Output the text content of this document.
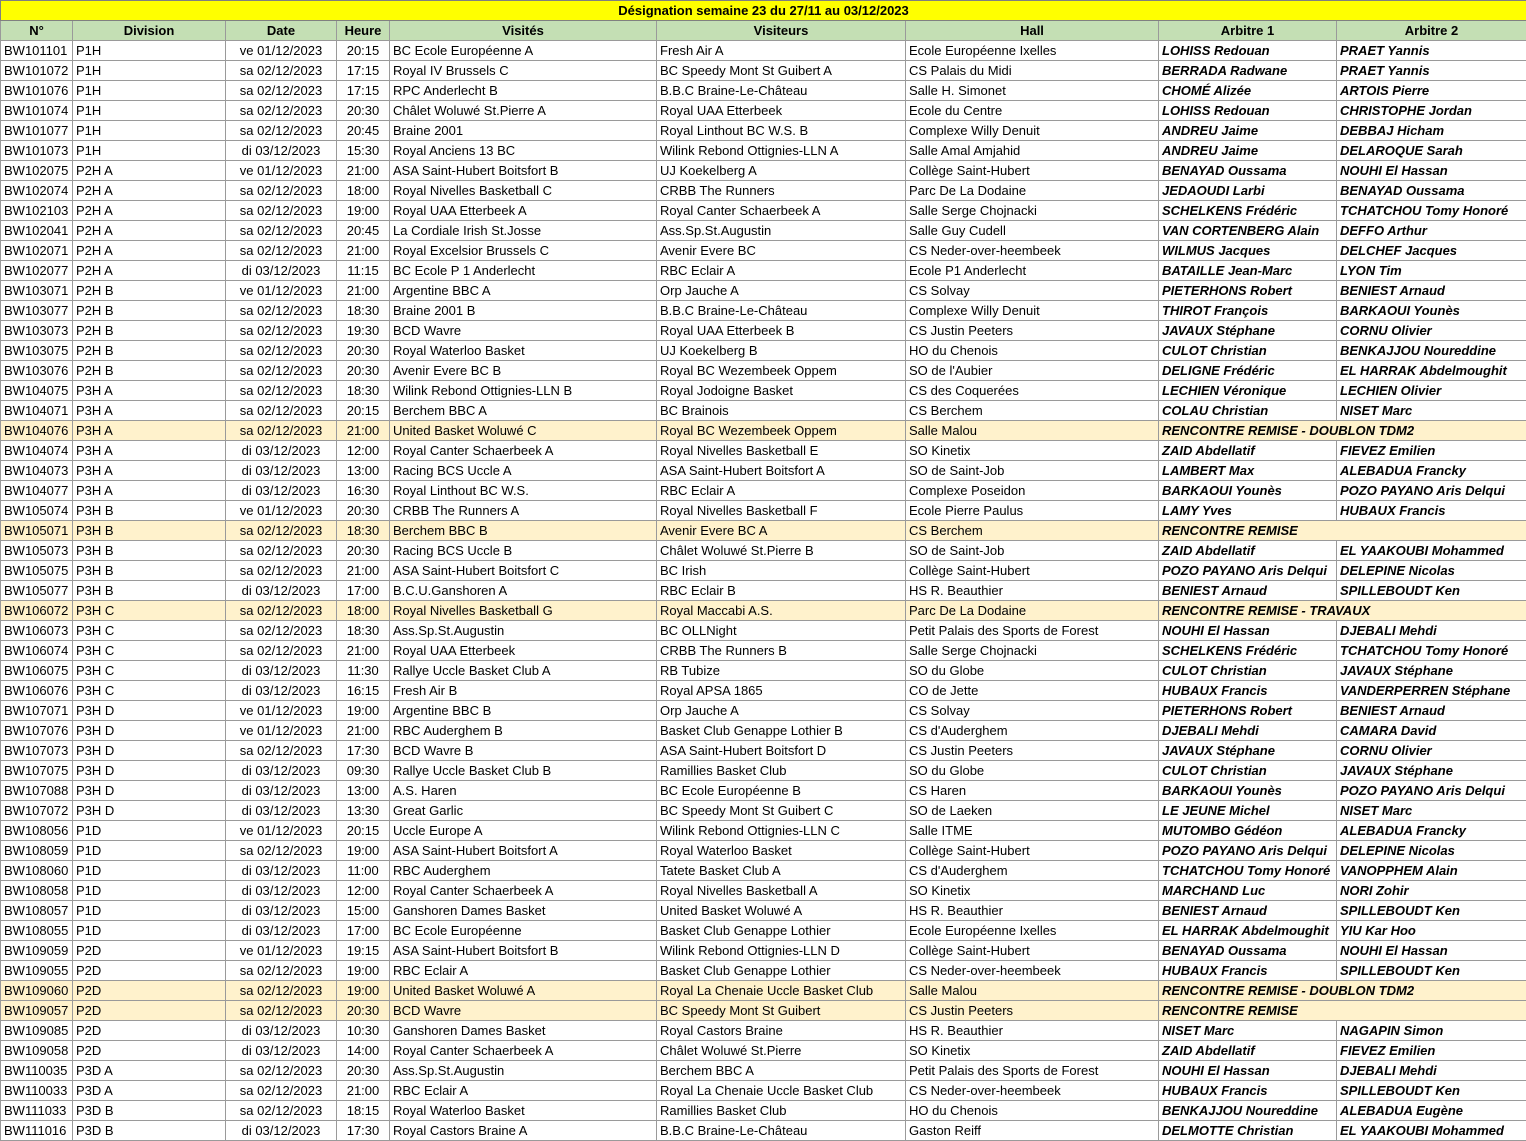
Désignation semaine 23 du 27/11 au 03/12/2023								
N°	Division	Date	Heure	Visités	Visiteurs	Hall	Arbitre 1	Arbitre 2
BW101101	P1H	ve 01/12/2023	20:15	BC Ecole Européenne A	Fresh Air A	Ecole Européenne Ixelles	LOHISS Redouan	PRAET Yannis
BW101072	P1H	sa 02/12/2023	17:15	Royal IV Brussels C	BC Speedy Mont St Guibert A	CS Palais du Midi	BERRADA Radwane	PRAET Yannis
BW101076	P1H	sa 02/12/2023	17:15	RPC Anderlecht B	B.B.C Braine-Le-Château	Salle H. Simonet	CHOMÉ Alizée	ARTOIS Pierre
BW101074	P1H	sa 02/12/2023	20:30	Châlet Woluwé St.Pierre A	Royal UAA Etterbeek	Ecole du Centre	LOHISS Redouan	CHRISTOPHE Jordan
BW101077	P1H	sa 02/12/2023	20:45	Braine 2001	Royal Linthout BC W.S. B	Complexe Willy Denuit	ANDREU Jaime	DEBBAJ Hicham
BW101073	P1H	di 03/12/2023	15:30	Royal Anciens 13 BC	Wilink Rebond Ottignies-LLN A	Salle Amal Amjahid	ANDREU Jaime	DELAROQUE Sarah
BW102075	P2H A	ve 01/12/2023	21:00	ASA Saint-Hubert Boitsfort B	UJ Koekelberg A	Collège Saint-Hubert	BENAYAD Oussama	NOUHI El Hassan
BW102074	P2H A	sa 02/12/2023	18:00	Royal Nivelles Basketball C	CRBB The Runners	Parc De La Dodaine	JEDAOUDI Larbi	BENAYAD Oussama
BW102103	P2H A	sa 02/12/2023	19:00	Royal UAA Etterbeek A	Royal Canter Schaerbeek A	Salle Serge Chojnacki	SCHELKENS Frédéric	TCHATCHOU Tomy Honoré
BW102041	P2H A	sa 02/12/2023	20:45	La Cordiale Irish St.Josse	Ass.Sp.St.Augustin	Salle Guy Cudell	VAN CORTENBERG Alain	DEFFO Arthur
BW102071	P2H A	sa 02/12/2023	21:00	Royal Excelsior Brussels C	Avenir Evere BC	CS Neder-over-heembeek	WILMUS Jacques	DELCHEF Jacques
BW102077	P2H A	di 03/12/2023	11:15	BC Ecole P 1 Anderlecht	RBC Eclair A	Ecole P1 Anderlecht	BATAILLE Jean-Marc	LYON Tim
BW103071	P2H B	ve 01/12/2023	21:00	Argentine BBC A	Orp Jauche A	CS Solvay	PIETERHONS Robert	BENIEST Arnaud
BW103077	P2H B	sa 02/12/2023	18:30	Braine 2001 B	B.B.C Braine-Le-Château	Complexe Willy Denuit	THIROT François	BARKAOUI Younès
BW103073	P2H B	sa 02/12/2023	19:30	BCD Wavre	Royal UAA Etterbeek B	CS Justin Peeters	JAVAUX Stéphane	CORNU Olivier
BW103075	P2H B	sa 02/12/2023	20:30	Royal Waterloo Basket	UJ Koekelberg B	HO du Chenois	CULOT Christian	BENKAJJOU Noureddine
BW103076	P2H B	sa 02/12/2023	20:30	Avenir Evere BC B	Royal BC Wezembeek Oppem	SO de l'Aubier	DELIGNE Frédéric	EL HARRAK Abdelmoughit
BW104075	P3H A	sa 02/12/2023	18:30	Wilink Rebond Ottignies-LLN B	Royal Jodoigne Basket	CS des Coquerées	LECHIEN Véronique	LECHIEN Olivier
BW104071	P3H A	sa 02/12/2023	20:15	Berchem BBC A	BC Brainois	CS Berchem	COLAU Christian	NISET Marc
BW104076	P3H A	sa 02/12/2023	21:00	United Basket Woluwé C	Royal BC Wezembeek Oppem	Salle Malou	RENCONTRE REMISE - DOUBLON TDM2	
BW104074	P3H A	di 03/12/2023	12:00	Royal Canter Schaerbeek A	Royal Nivelles Basketball E	SO Kinetix	ZAID Abdellatif	FIEVEZ Emilien
BW104073	P3H A	di 03/12/2023	13:00	Racing BCS Uccle A	ASA Saint-Hubert Boitsfort A	SO de Saint-Job	LAMBERT Max	ALEBADUA Francky
BW104077	P3H A	di 03/12/2023	16:30	Royal Linthout BC W.S.	RBC Eclair A	Complexe Poseidon	BARKAOUI Younès	POZO PAYANO Aris Delqui
BW105074	P3H B	ve 01/12/2023	20:30	CRBB The Runners A	Royal Nivelles Basketball F	Ecole Pierre Paulus	LAMY Yves	HUBAUX Francis
BW105071	P3H B	sa 02/12/2023	18:30	Berchem BBC B	Avenir Evere BC A	CS Berchem	RENCONTRE REMISE	
BW105073	P3H B	sa 02/12/2023	20:30	Racing BCS Uccle B	Châlet Woluwé St.Pierre B	SO de Saint-Job	ZAID Abdellatif	EL YAAKOUBI Mohammed
BW105075	P3H B	sa 02/12/2023	21:00	ASA Saint-Hubert Boitsfort C	BC Irish	Collège Saint-Hubert	POZO PAYANO Aris Delqui	DELEPINE Nicolas
BW105077	P3H B	di 03/12/2023	17:00	B.C.U.Ganshoren A	RBC Eclair B	HS R. Beauthier	BENIEST Arnaud	SPILLEBOUDT Ken
BW106072	P3H C	sa 02/12/2023	18:00	Royal Nivelles Basketball G	Royal Maccabi A.S.	Parc De La Dodaine	RENCONTRE REMISE - TRAVAUX	
BW106073	P3H C	sa 02/12/2023	18:30	Ass.Sp.St.Augustin	BC OLLNight	Petit Palais des Sports de Forest	NOUHI El Hassan	DJEBALI Mehdi
BW106074	P3H C	sa 02/12/2023	21:00	Royal UAA Etterbeek	CRBB The Runners B	Salle Serge Chojnacki	SCHELKENS Frédéric	TCHATCHOU Tomy Honoré
BW106075	P3H C	di 03/12/2023	11:30	Rallye Uccle Basket Club A	RB Tubize	SO du Globe	CULOT Christian	JAVAUX Stéphane
BW106076	P3H C	di 03/12/2023	16:15	Fresh Air B	Royal APSA 1865	CO de Jette	HUBAUX Francis	VANDERPERREN Stéphane
BW107071	P3H D	ve 01/12/2023	19:00	Argentine BBC B	Orp Jauche A	CS Solvay	PIETERHONS Robert	BENIEST Arnaud
BW107076	P3H D	ve 01/12/2023	21:00	RBC Auderghem B	Basket Club Genappe Lothier B	CS d'Auderghem	DJEBALI Mehdi	CAMARA David
BW107073	P3H D	sa 02/12/2023	17:30	BCD Wavre B	ASA Saint-Hubert Boitsfort D	CS Justin Peeters	JAVAUX Stéphane	CORNU Olivier
BW107075	P3H D	di 03/12/2023	09:30	Rallye Uccle Basket Club B	Ramillies Basket Club	SO du Globe	CULOT Christian	JAVAUX Stéphane
BW107088	P3H D	di 03/12/2023	13:00	A.S. Haren	BC Ecole Européenne B	CS Haren	BARKAOUI Younès	POZO PAYANO Aris Delqui
BW107072	P3H D	di 03/12/2023	13:30	Great Garlic	BC Speedy Mont St Guibert C	SO de Laeken	LE JEUNE Michel	NISET Marc
BW108056	P1D	ve 01/12/2023	20:15	Uccle Europe A	Wilink Rebond Ottignies-LLN C	Salle ITME	MUTOMBO Gédéon	ALEBADUA Francky
BW108059	P1D	sa 02/12/2023	19:00	ASA Saint-Hubert Boitsfort A	Royal Waterloo Basket	Collège Saint-Hubert	POZO PAYANO Aris Delqui	DELEPINE Nicolas
BW108060	P1D	di 03/12/2023	11:00	RBC Auderghem	Tatete Basket Club A	CS d'Auderghem	TCHATCHOU Tomy Honoré	VANOPPHEM Alain
BW108058	P1D	di 03/12/2023	12:00	Royal Canter Schaerbeek A	Royal Nivelles Basketball A	SO Kinetix	MARCHAND Luc	NORI Zohir
BW108057	P1D	di 03/12/2023	15:00	Ganshoren Dames Basket	United Basket Woluwé A	HS R. Beauthier	BENIEST Arnaud	SPILLEBOUDT Ken
BW108055	P1D	di 03/12/2023	17:00	BC Ecole Européenne	Basket Club Genappe Lothier	Ecole Européenne Ixelles	EL HARRAK Abdelmoughit	YIU Kar Hoo
BW109059	P2D	ve 01/12/2023	19:15	ASA Saint-Hubert Boitsfort B	Wilink Rebond Ottignies-LLN D	Collège Saint-Hubert	BENAYAD Oussama	NOUHI El Hassan
BW109055	P2D	sa 02/12/2023	19:00	RBC Eclair A	Basket Club Genappe Lothier	CS Neder-over-heembeek	HUBAUX Francis	SPILLEBOUDT Ken
BW109060	P2D	sa 02/12/2023	19:00	United Basket Woluwé A	Royal La Chenaie Uccle Basket Club	Salle Malou	RENCONTRE REMISE - DOUBLON TDM2	
BW109057	P2D	sa 02/12/2023	20:30	BCD Wavre	BC Speedy Mont St Guibert	CS Justin Peeters	RENCONTRE REMISE	
BW109085	P2D	di 03/12/2023	10:30	Ganshoren Dames Basket	Royal Castors Braine	HS R. Beauthier	NISET Marc	NAGAPIN Simon
BW109058	P2D	di 03/12/2023	14:00	Royal Canter Schaerbeek A	Châlet Woluwé St.Pierre	SO Kinetix	ZAID Abdellatif	FIEVEZ Emilien
BW110035	P3D A	sa 02/12/2023	20:30	Ass.Sp.St.Augustin	Berchem BBC A	Petit Palais des Sports de Forest	NOUHI El Hassan	DJEBALI Mehdi
BW110033	P3D A	sa 02/12/2023	21:00	RBC Eclair A	Royal La Chenaie Uccle Basket Club	CS Neder-over-heembeek	HUBAUX Francis	SPILLEBOUDT Ken
BW111033	P3D B	sa 02/12/2023	18:15	Royal Waterloo Basket	Ramillies Basket Club	HO du Chenois	BENKAJJOU Noureddine	ALEBADUA Eugène
BW111016	P3D B	di 03/12/2023	17:30	Royal Castors Braine A	B.B.C Braine-Le-Château	Gaston Reiff	DELMOTTE Christian	EL YAAKOUBI Mohammed
